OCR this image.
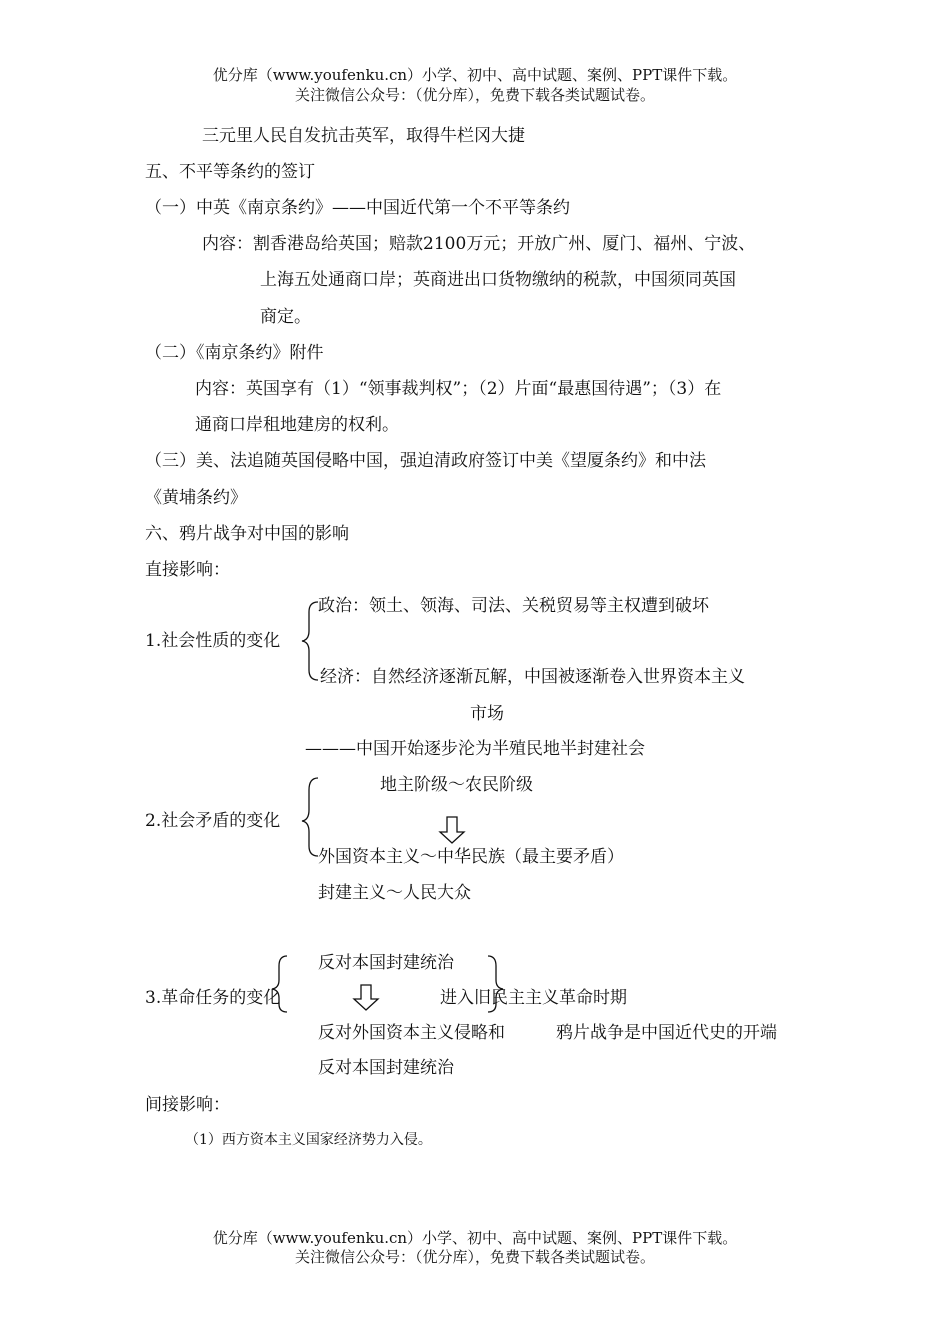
优分库（www.youfenku.cn）小学、初中、高中试题、案例、PPT课件下载。
关注微信公众号：（优分库），免费下载各类试题试卷。
三元里人民自发抗击英军，取得牛栏冈大捷
五、不平等条约的签订
（一）中英《南京条约》——中国近代第一个不平等条约
内容：割香港岛给英国；赔款2100万元；开放广州、厦门、福州、宁波、
上海五处通商口岸；英商进出口货物缴纳的税款，中国须同英国
商定。
（二）《南京条约》附件
内容：英国享有（1）“领事裁判权”；（2）片面“最惠国待遇”；（3）在
通商口岸租地建房的权利。
（三）美、法追随英国侵略中国，强迫清政府签订中美《望厦条约》和中法
《黄埔条约》
六、鸦片战争对中国的影响
直接影响：
政治：领土、领海、司法、关税贸易等主权遭到破坏
1.社会性质的变化
经济：自然经济逐渐瓦解，中国被逐渐卷入世界资本主义
市场
———中国开始逐步沦为半殖民地半封建社会
地主阶级～农民阶级
2.社会矛盾的变化
外国资本主义～中华民族（最主要矛盾）
封建主义～人民大众
反对本国封建统治
3.革命任务的变化	进入旧民主主义革命时期
反对外国资本主义侵略和	鸦片战争是中国近代史的开端
反对本国封建统治
间接影响：
（1）西方资本主义国家经济势力入侵。
优分库（www.youfenku.cn）小学、初中、高中试题、案例、PPT课件下载。
关注微信公众号：（优分库），免费下载各类试题试卷。
